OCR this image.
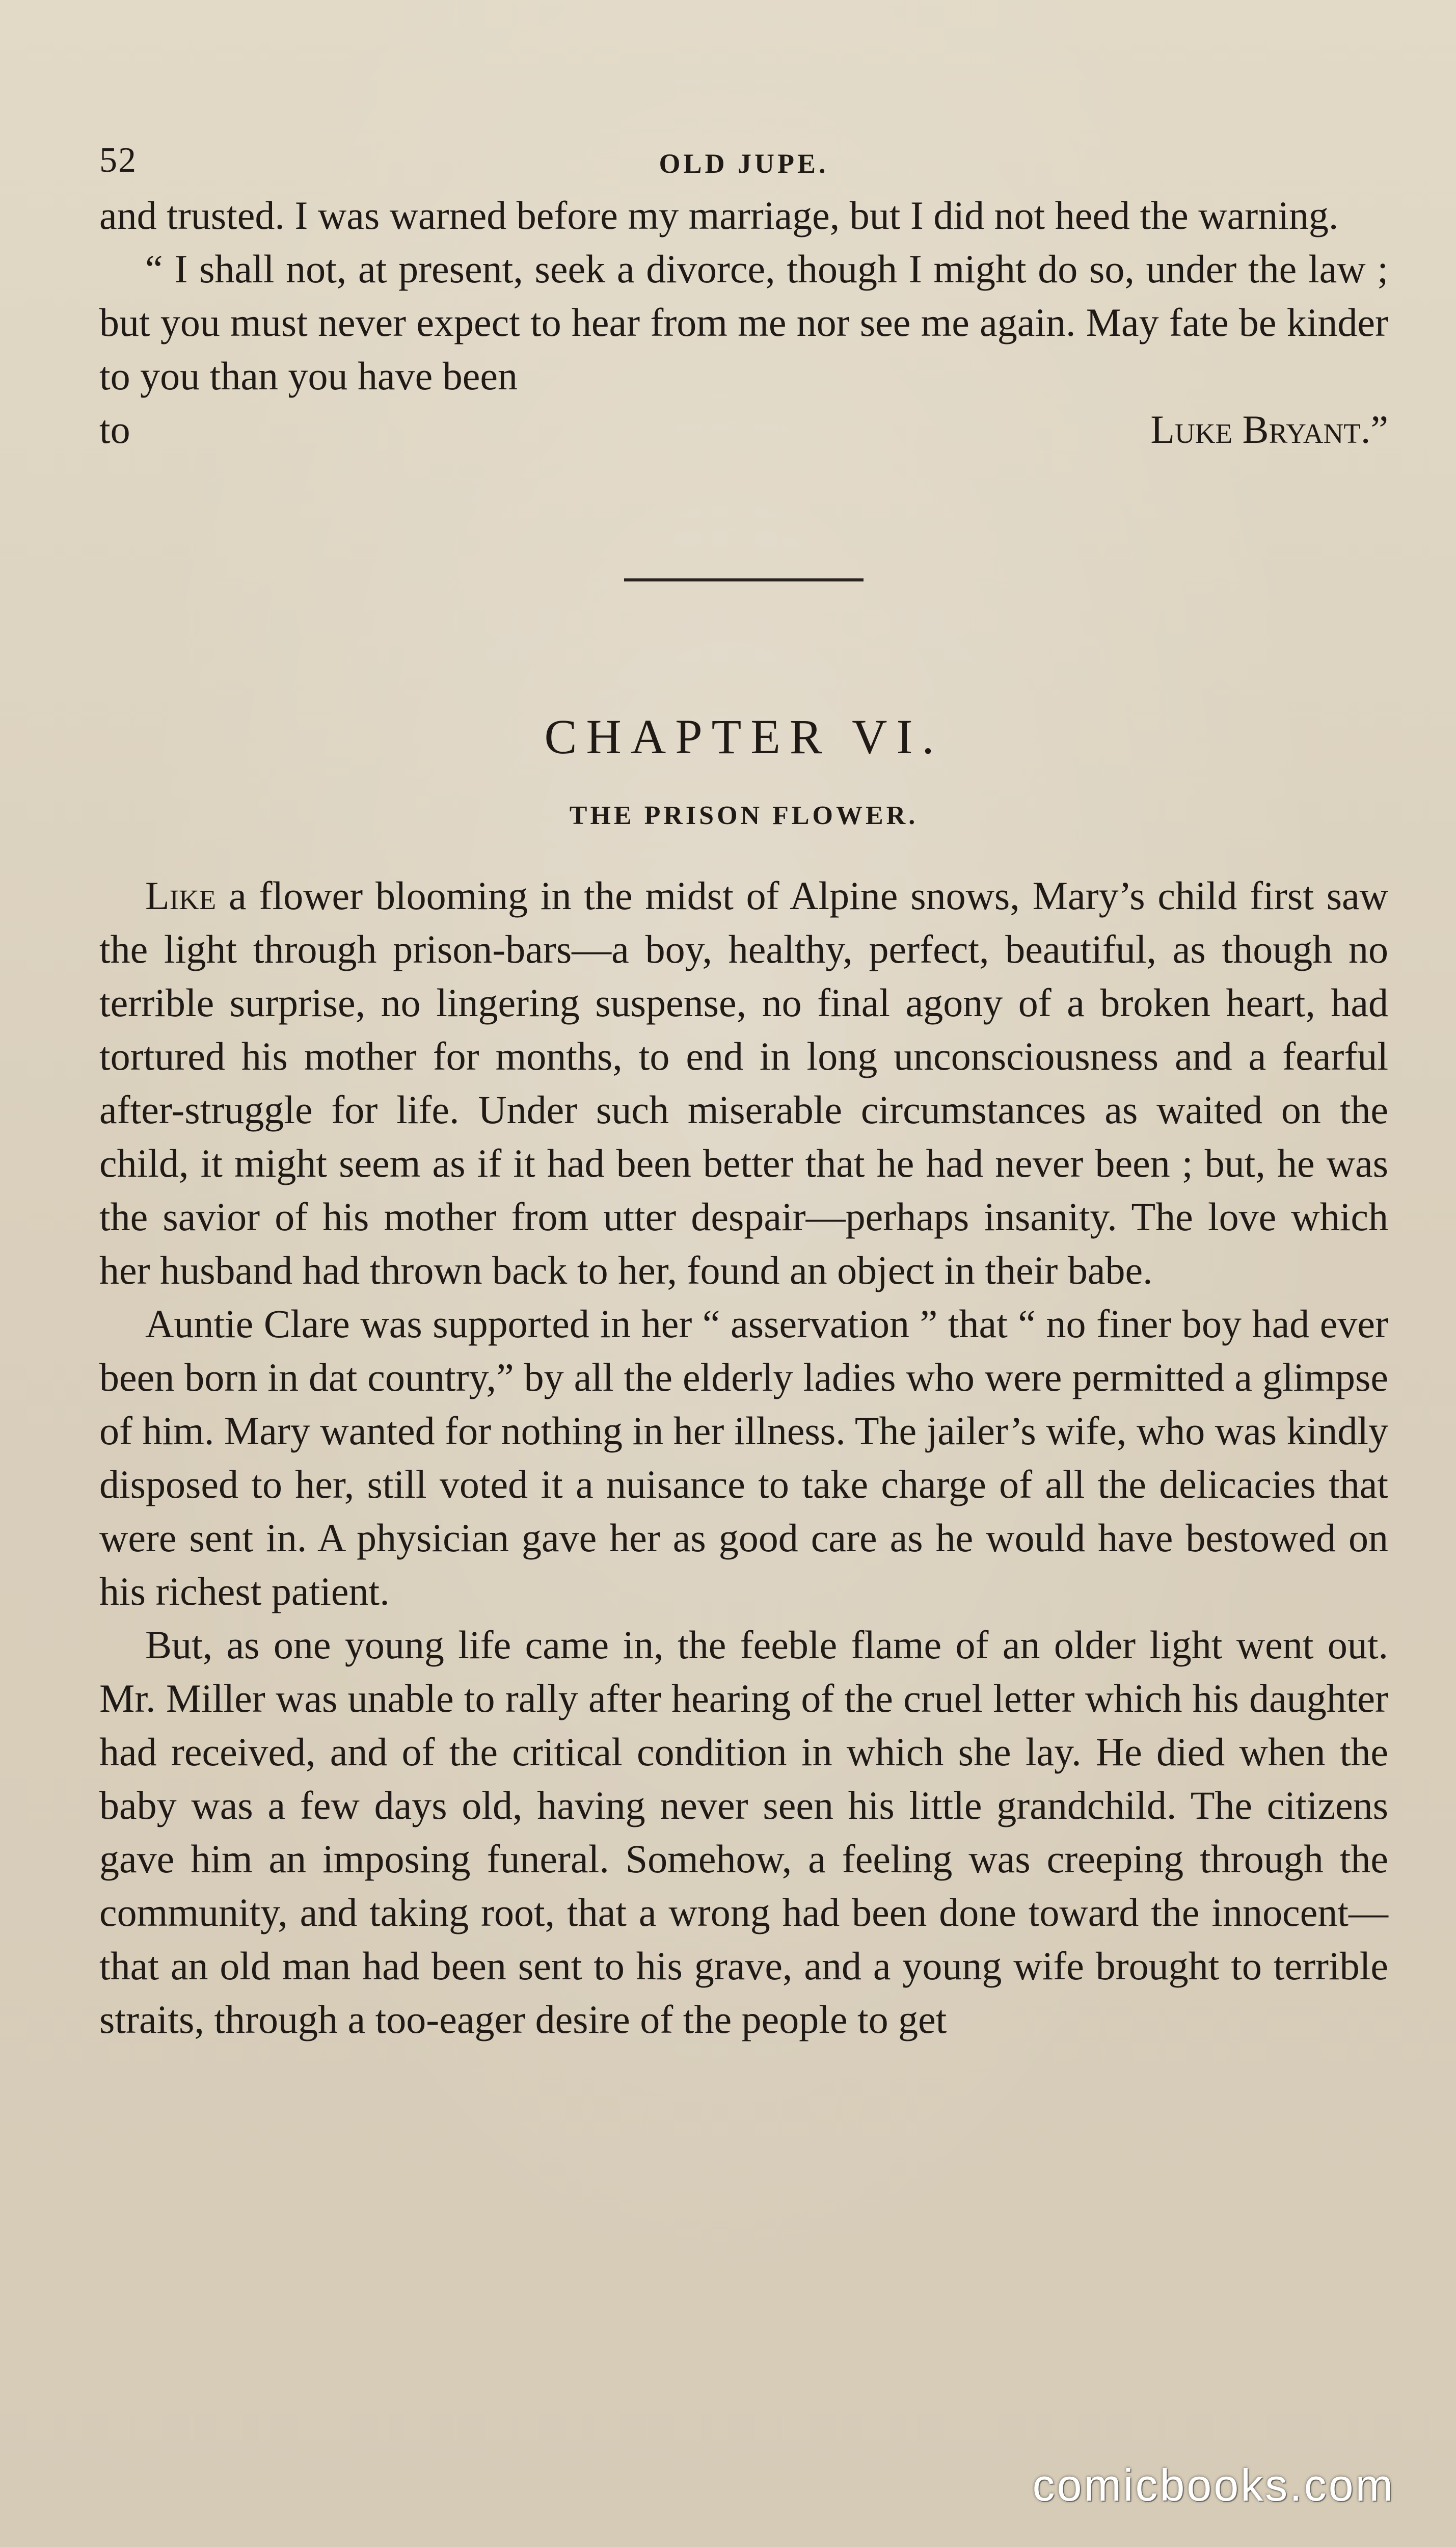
52	OLD JUPE.

and trusted. I was warned before my marriage, but I did not heed the warning.

“ I shall not, at present, seek a divorce, though I might do so, under the law ; but you must never expect to hear from me nor see me again. May fate be kinder to you than you have been

to	Luke Bryant.”
CHAPTER VI.
THE PRISON FLOWER.

Like a flower blooming in the midst of Alpine snows, Mary’s child first saw the light through prison-bars—a boy, healthy, perfect, beautiful, as though no terrible surprise, no lingering suspense, no final agony of a broken heart, had tortured his mother for months, to end in long unconsciousness and a fearful after-struggle for life. Under such miserable circumstances as waited on the child, it might seem as if it had been better that he had never been ; but, he was the savior of his mother from utter despair—perhaps insanity. The love which her husband had thrown back to her, found an object in their babe.

Auntie Clare was supported in her “ asservation ” that “ no finer boy had ever been born in dat country,” by all the elderly ladies who were permitted a glimpse of him. Mary wanted for nothing in her illness. The jailer’s wife, who was kindly disposed to her, still voted it a nuisance to take charge of all the delicacies that were sent in. A physician gave her as good care as he would have bestowed on his richest patient.

But, as one young life came in, the feeble flame of an older light went out. Mr. Miller was unable to rally after hearing of the cruel letter which his daughter had received, and of the critical condition in which she lay. He died when the baby was a few days old, having never seen his little grandchild. The citizens gave him an imposing funeral. Somehow, a feeling was creeping through the community, and taking root, that a wrong had been done toward the innocent—that an old man had been sent to his grave, and a young wife brought to terrible straits, through a too-eager desire of the people to get

comicbooks.com
